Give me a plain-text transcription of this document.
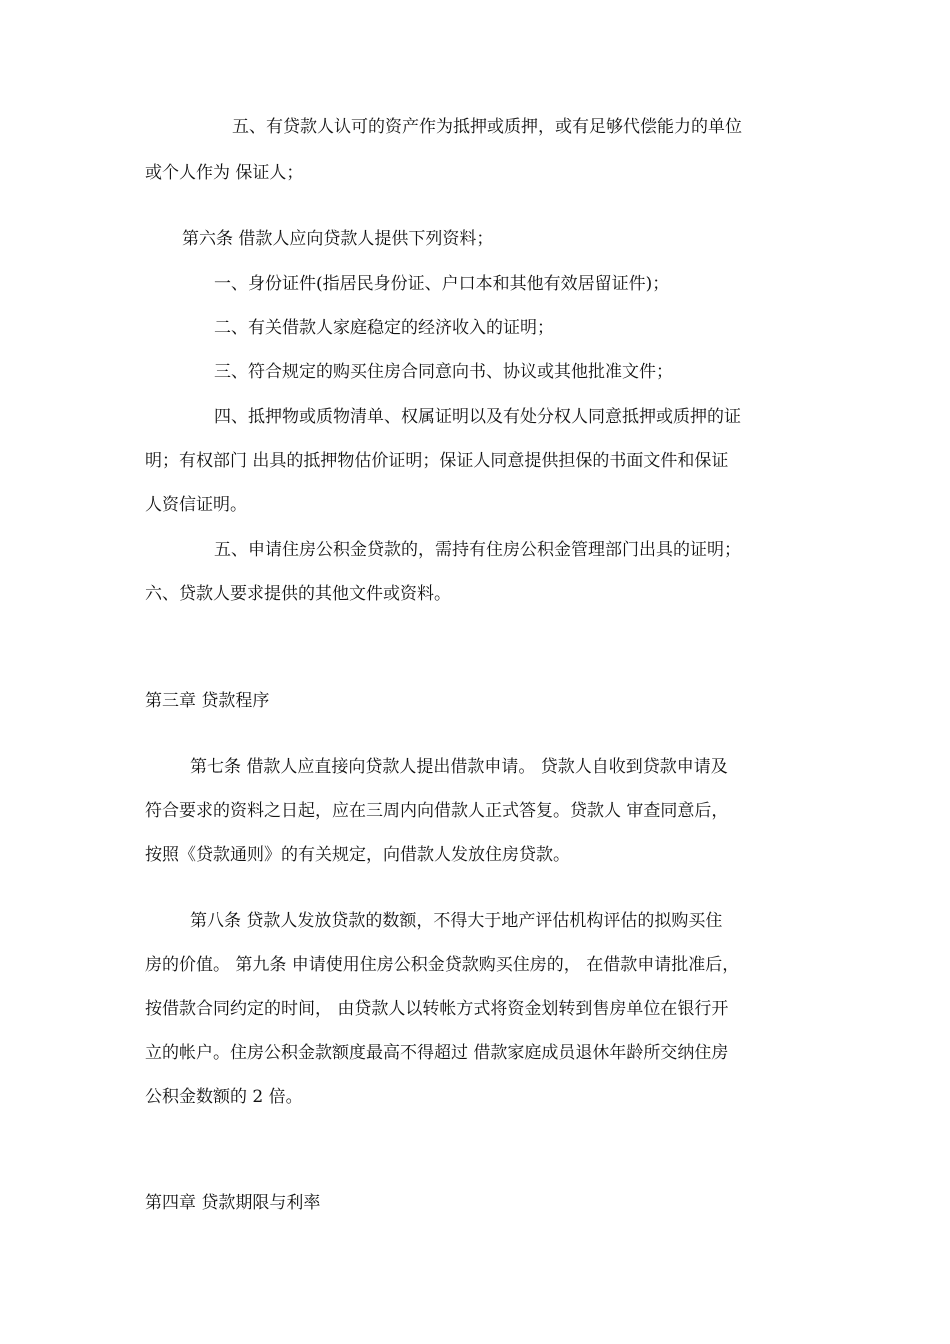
五、有贷款人认可的资产作为抵押或质押，或有足够代偿能力的单位
或个人作为 保证人；
第六条 借款人应向贷款人提供下列资料；
一、身份证件(指居民身份证、户口本和其他有效居留证件)；
二、有关借款人家庭稳定的经济收入的证明；
三、符合规定的购买住房合同意向书、协议或其他批准文件；
四、抵押物或质物清单、权属证明以及有处分权人同意抵押或质押的证
明；有权部门 出具的抵押物估价证明；保证人同意提供担保的书面文件和保证
人资信证明。
五、申请住房公积金贷款的，需持有住房公积金管理部门出具的证明；
六、贷款人要求提供的其他文件或资料。
第三章 贷款程序
第七条 借款人应直接向贷款人提出借款申请。 贷款人自收到贷款申请及
符合要求的资料之日起，应在三周内向借款人正式答复。贷款人 审查同意后，
按照《贷款通则》的有关规定，向借款人发放住房贷款。
第八条 贷款人发放贷款的数额，不得大于地产评估机构评估的拟购买住
房的价值。 第九条 申请使用住房公积金贷款购买住房的， 在借款申请批准后，
按借款合同约定的时间， 由贷款人以转帐方式将资金划转到售房单位在银行开
立的帐户。住房公积金款额度最高不得超过 借款家庭成员退休年龄所交纳住房
公积金数额的 2 倍。
第四章 贷款期限与利率
